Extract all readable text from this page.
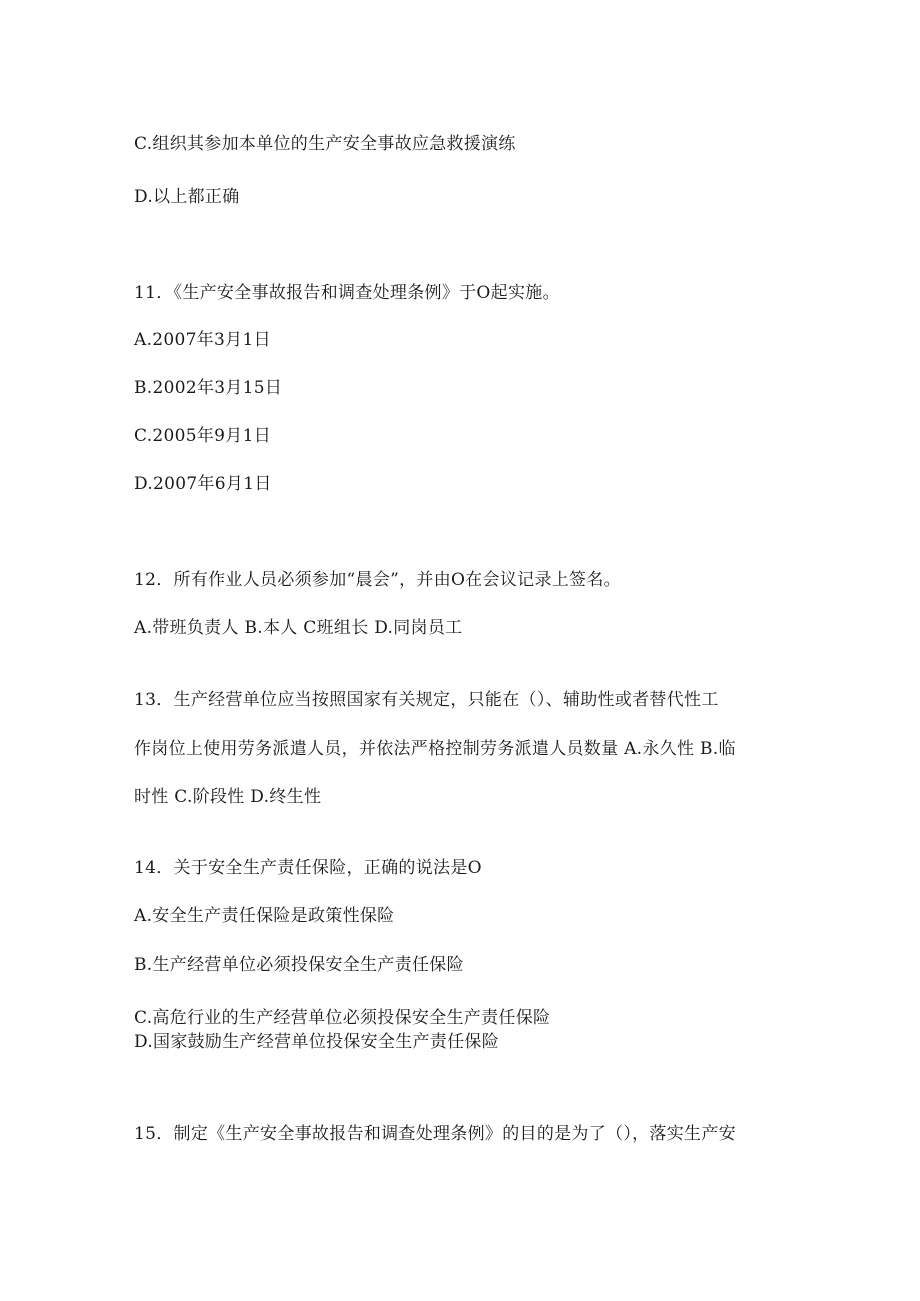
C.组织其参加本单位的生产安全事故应急救援演练
D.以上都正确
11．《生产安全事故报告和调查处理条例》于O起实施。
A.2007年3月1日
B.2002年3月15日
C.2005年9月1日
D.2007年6月1日
12．所有作业人员必须参加“晨会”，并由O在会议记录上签名。
A.带班负责人 B.本人 C班组长 D.同岗员工
13．生产经营单位应当按照国家有关规定，只能在（）、辅助性或者替代性工
作岗位上使用劳务派遣人员，并依法严格控制劳务派遣人员数量 A.永久性 B.临
时性 C.阶段性 D.终生性
14．关于安全生产责任保险，正确的说法是O
A.安全生产责任保险是政策性保险
B.生产经营单位必须投保安全生产责任保险
C.高危行业的生产经营单位必须投保安全生产责任保险
D.国家鼓励生产经营单位投保安全生产责任保险
15．制定《生产安全事故报告和调查处理条例》的目的是为了（），落实生产安
